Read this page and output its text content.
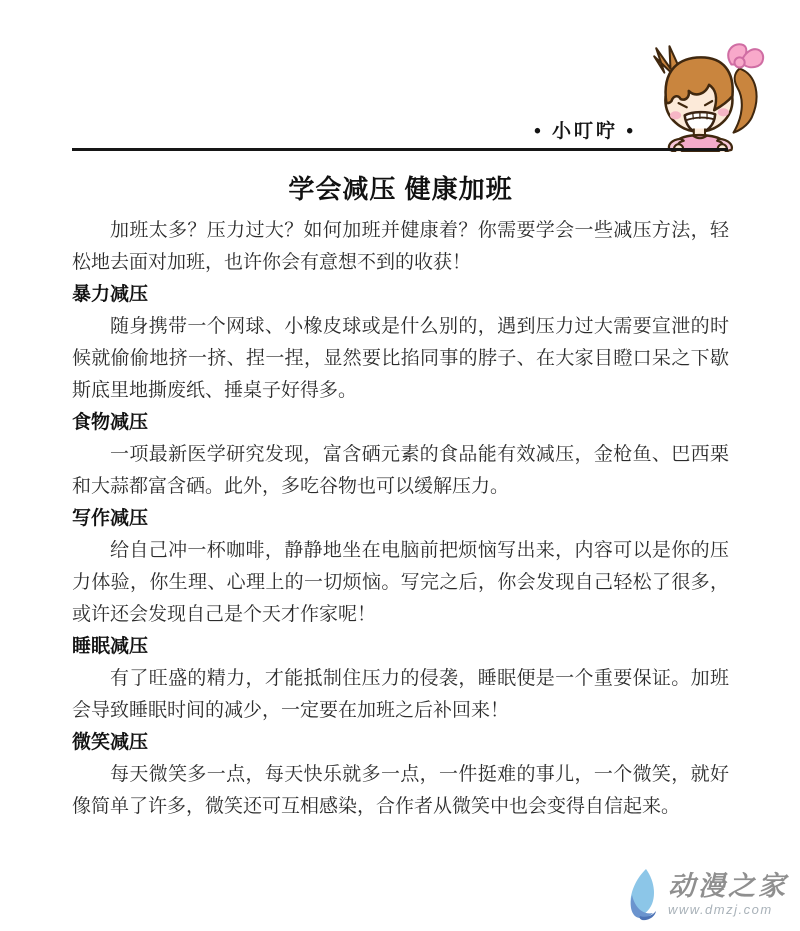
• 小叮咛 •
学会减压 健康加班

加班太多？压力过大？如何加班并健康着？你需要学会一些减压方法，轻松地去面对加班，也许你会有意想不到的收获！

暴力减压

随身携带一个网球、小橡皮球或是什么别的，遇到压力过大需要宣泄的时候就偷偷地挤一挤、捏一捏，显然要比掐同事的脖子、在大家目瞪口呆之下歇斯底里地撕废纸、捶桌子好得多。

食物减压

一项最新医学研究发现，富含硒元素的食品能有效减压，金枪鱼、巴西栗和大蒜都富含硒。此外，多吃谷物也可以缓解压力。

写作减压

给自己冲一杯咖啡，静静地坐在电脑前把烦恼写出来，内容可以是你的压力体验，你生理、心理上的一切烦恼。写完之后，你会发现自己轻松了很多，或许还会发现自己是个天才作家呢！

睡眠减压

有了旺盛的精力，才能抵制住压力的侵袭，睡眠便是一个重要保证。加班会导致睡眠时间的减少，一定要在加班之后补回来！

微笑减压

每天微笑多一点，每天快乐就多一点，一件挺难的事儿，一个微笑，就好像简单了许多，微笑还可互相感染，合作者从微笑中也会变得自信起来。

动漫之家
www.dmzj.com
